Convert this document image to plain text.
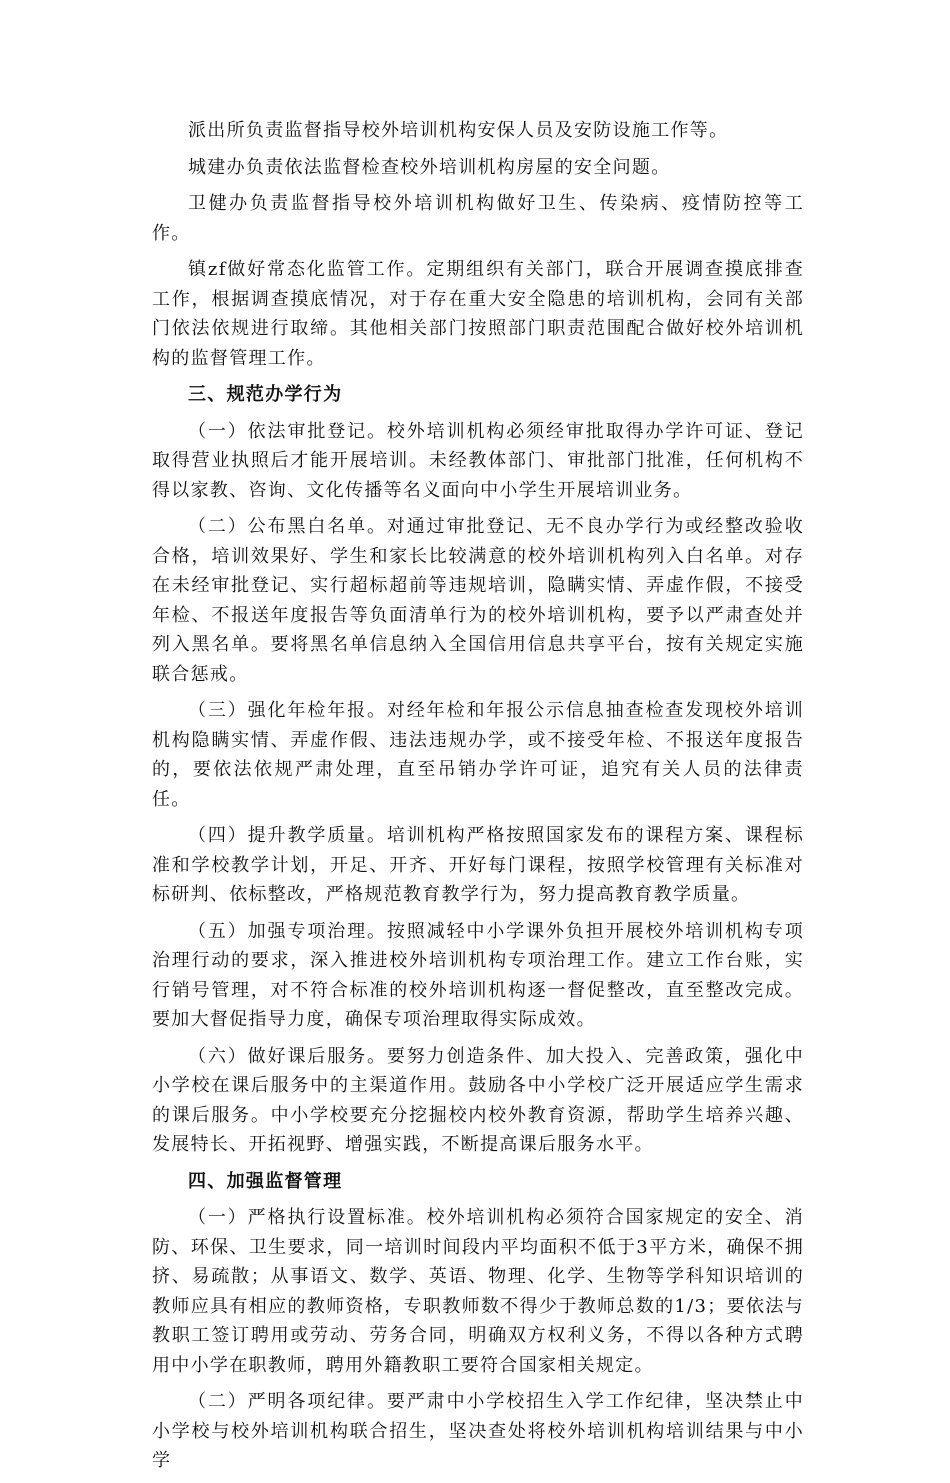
派出所负责监督指导校外培训机构安保人员及安防设施工作等。

城建办负责依法监督检查校外培训机构房屋的安全问题。

卫健办负责监督指导校外培训机构做好卫生、传染病、疫情防控等工作。

镇zf做好常态化监管工作。定期组织有关部门，联合开展调查摸底排查工作，根据调查摸底情况，对于存在重大安全隐患的培训机构，会同有关部门依法依规进行取缔。其他相关部门按照部门职责范围配合做好校外培训机构的监督管理工作。

三、规范办学行为

（一）依法审批登记。校外培训机构必须经审批取得办学许可证、登记取得营业执照后才能开展培训。未经教体部门、审批部门批准，任何机构不得以家教、咨询、文化传播等名义面向中小学生开展培训业务。

（二）公布黑白名单。对通过审批登记、无不良办学行为或经整改验收合格，培训效果好、学生和家长比较满意的校外培训机构列入白名单。对存在未经审批登记、实行超标超前等违规培训，隐瞒实情、弄虚作假，不接受年检、不报送年度报告等负面清单行为的校外培训机构，要予以严肃查处并列入黑名单。要将黑名单信息纳入全国信用信息共享平台，按有关规定实施联合惩戒。

（三）强化年检年报。对经年检和年报公示信息抽查检查发现校外培训机构隐瞒实情、弄虚作假、违法违规办学，或不接受年检、不报送年度报告的，要依法依规严肃处理，直至吊销办学许可证，追究有关人员的法律责任。

（四）提升教学质量。培训机构严格按照国家发布的课程方案、课程标准和学校教学计划，开足、开齐、开好每门课程，按照学校管理有关标准对标研判、依标整改，严格规范教育教学行为，努力提高教育教学质量。

（五）加强专项治理。按照减轻中小学课外负担开展校外培训机构专项治理行动的要求，深入推进校外培训机构专项治理工作。建立工作台账，实行销号管理，对不符合标准的校外培训机构逐一督促整改，直至整改完成。要加大督促指导力度，确保专项治理取得实际成效。

（六）做好课后服务。要努力创造条件、加大投入、完善政策，强化中小学校在课后服务中的主渠道作用。鼓励各中小学校广泛开展适应学生需求的课后服务。中小学校要充分挖掘校内校外教育资源，帮助学生培养兴趣、发展特长、开拓视野、增强实践，不断提高课后服务水平。

四、加强监督管理

（一）严格执行设置标准。校外培训机构必须符合国家规定的安全、消防、环保、卫生要求，同一培训时间段内平均面积不低于3平方米，确保不拥挤、易疏散；从事语文、数学、英语、物理、化学、生物等学科知识培训的教师应具有相应的教师资格，专职教师数不得少于教师总数的1/3；要依法与教职工签订聘用或劳动、劳务合同，明确双方权利义务，不得以各种方式聘用中小学在职教师，聘用外籍教职工要符合国家相关规定。

（二）严明各项纪律。要严肃中小学校招生入学工作纪律，坚决禁止中小学校与校外培训机构联合招生，坚决查处将校外培训机构培训结果与中小学
